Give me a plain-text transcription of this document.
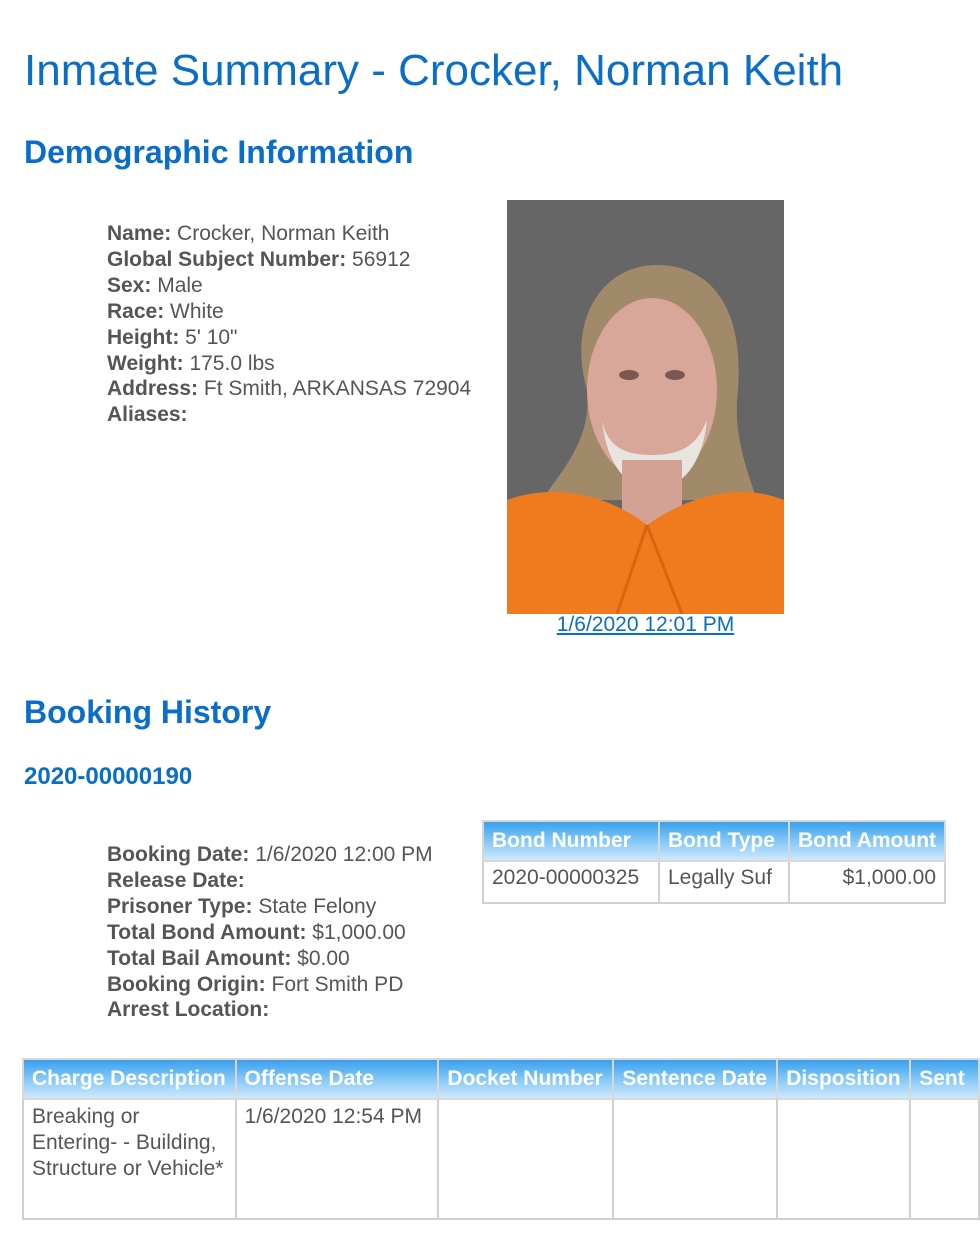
Inmate Summary - Crocker, Norman Keith
Demographic Information
Name: Crocker, Norman Keith
Global Subject Number: 56912
Sex: Male
Race: White
Height: 5' 10"
Weight: 175.0 lbs
Address: Ft Smith, ARKANSAS 72904
Aliases:
1/6/2020 12:01 PM
Booking History
2020-00000190
Booking Date: 1/6/2020 12:00 PM
Release Date:
Prisoner Type: State Felony
Total Bond Amount: $1,000.00
Total Bail Amount: $0.00
Booking Origin: Fort Smith PD
Arrest Location:
Bond Number	Bond Type	Bond Amount
2020-00000325	Legally Suf	$1,000.00
Charge Description	Offense Date	Docket Number	Sentence Date	Disposition	Sent
Breaking or Entering- - Building, Structure or Vehicle*	1/6/2020 12:54 PM				
